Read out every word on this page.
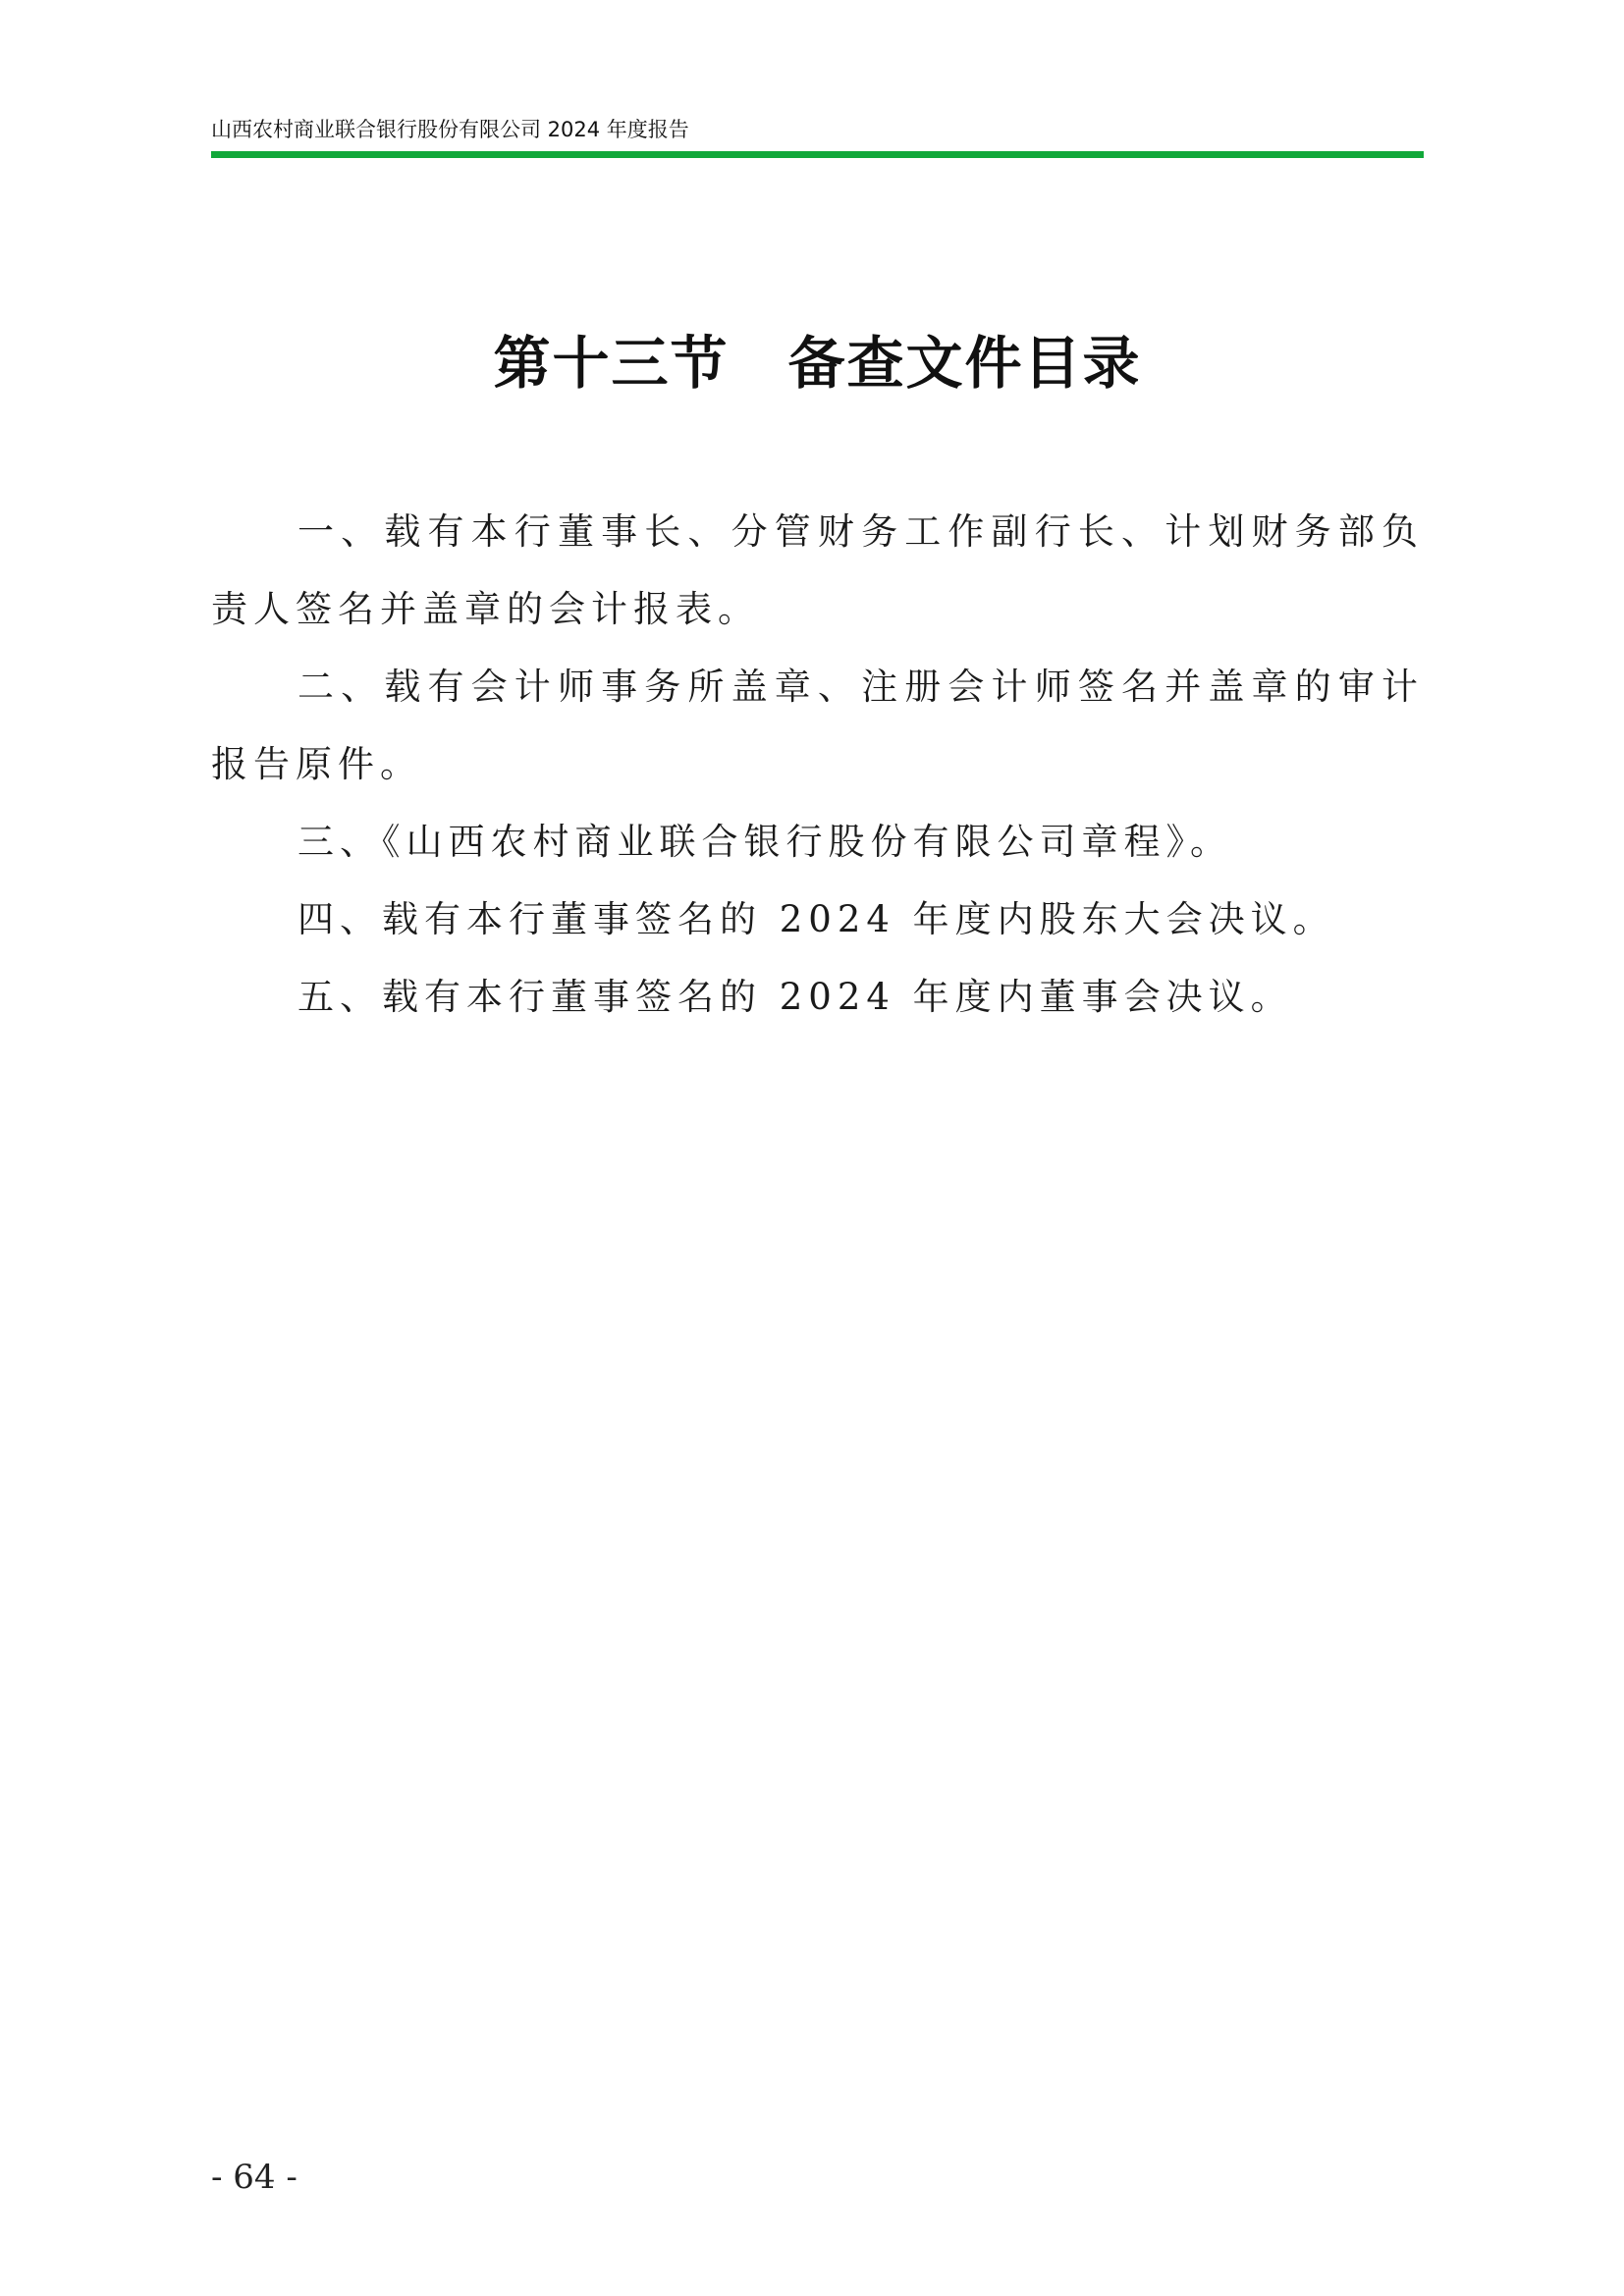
山西农村商业联合银行股份有限公司 2024 年度报告
第十三节　备查文件目录

一、载有本行董事长、分管财务工作副行长、计划财务部负责人签名并盖章的会计报表。

二、载有会计师事务所盖章、注册会计师签名并盖章的审计报告原件。

三、《山西农村商业联合银行股份有限公司章程》。

四、载有本行董事签名的 2024 年度内股东大会决议。

五、载有本行董事签名的 2024 年度内董事会决议。

- 64 -
